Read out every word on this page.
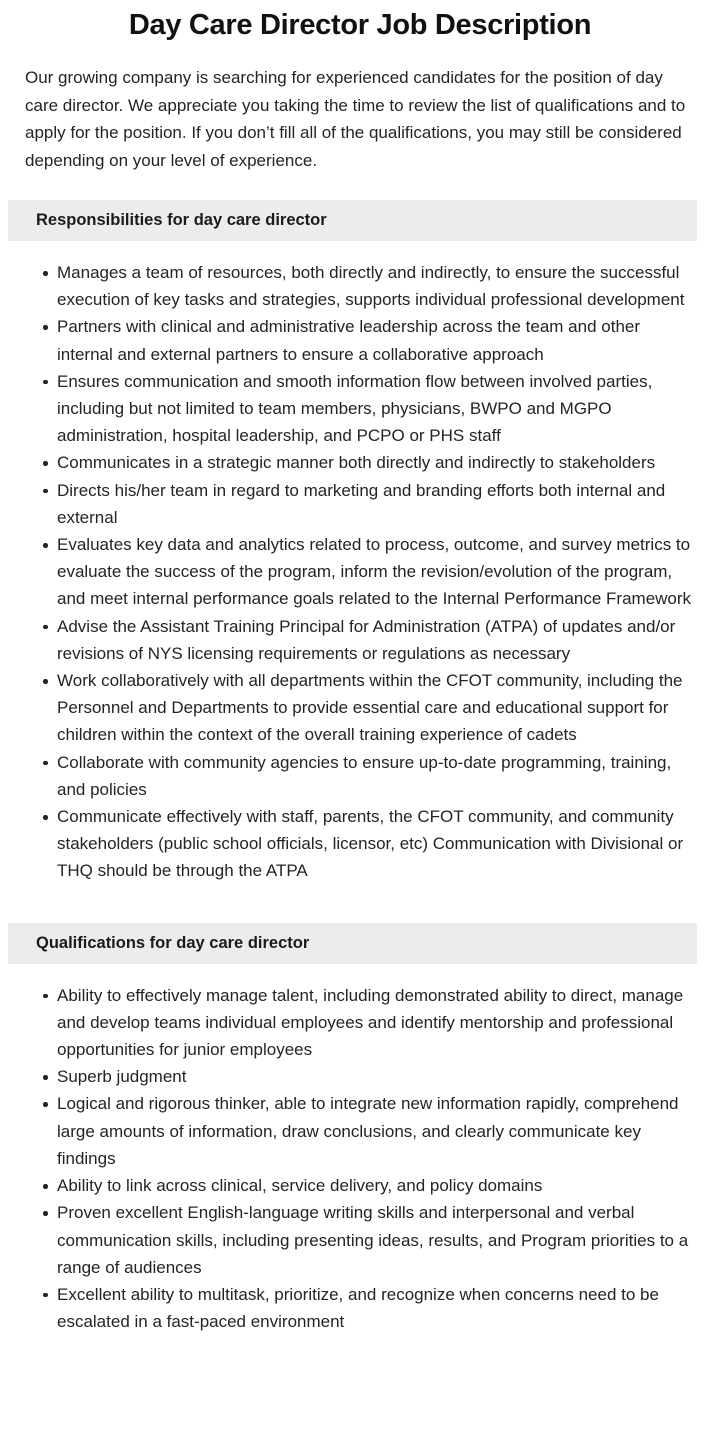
Day Care Director Job Description

Our growing company is searching for experienced candidates for the position of day care director. We appreciate you taking the time to review the list of qualifications and to apply for the position. If you don’t fill all of the qualifications, you may still be considered depending on your level of experience.

Responsibilities for day care director
Manages a team of resources, both directly and indirectly, to ensure the successful execution of key tasks and strategies, supports individual professional development
Partners with clinical and administrative leadership across the team and other internal and external partners to ensure a collaborative approach
Ensures communication and smooth information flow between involved parties, including but not limited to team members, physicians, BWPO and MGPO administration, hospital leadership, and PCPO or PHS staff
Communicates in a strategic manner both directly and indirectly to stakeholders
Directs his/her team in regard to marketing and branding efforts both internal and external
Evaluates key data and analytics related to process, outcome, and survey metrics to evaluate the success of the program, inform the revision/evolution of the program, and meet internal performance goals related to the Internal Performance Framework
Advise the Assistant Training Principal for Administration (ATPA) of updates and/or revisions of NYS licensing requirements or regulations as necessary
Work collaboratively with all departments within the CFOT community, including the Personnel and Departments to provide essential care and educational support for children within the context of the overall training experience of cadets
Collaborate with community agencies to ensure up-to-date programming, training, and policies
Communicate effectively with staff, parents, the CFOT community, and community stakeholders (public school officials, licensor, etc) Communication with Divisional or THQ should be through the ATPA
Qualifications for day care director
Ability to effectively manage talent, including demonstrated ability to direct, manage and develop teams individual employees and identify mentorship and professional opportunities for junior employees
Superb judgment
Logical and rigorous thinker, able to integrate new information rapidly, comprehend large amounts of information, draw conclusions, and clearly communicate key findings
Ability to link across clinical, service delivery, and policy domains
Proven excellent English-language writing skills and interpersonal and verbal communication skills, including presenting ideas, results, and Program priorities to a range of audiences
Excellent ability to multitask, prioritize, and recognize when concerns need to be escalated in a fast-paced environment
